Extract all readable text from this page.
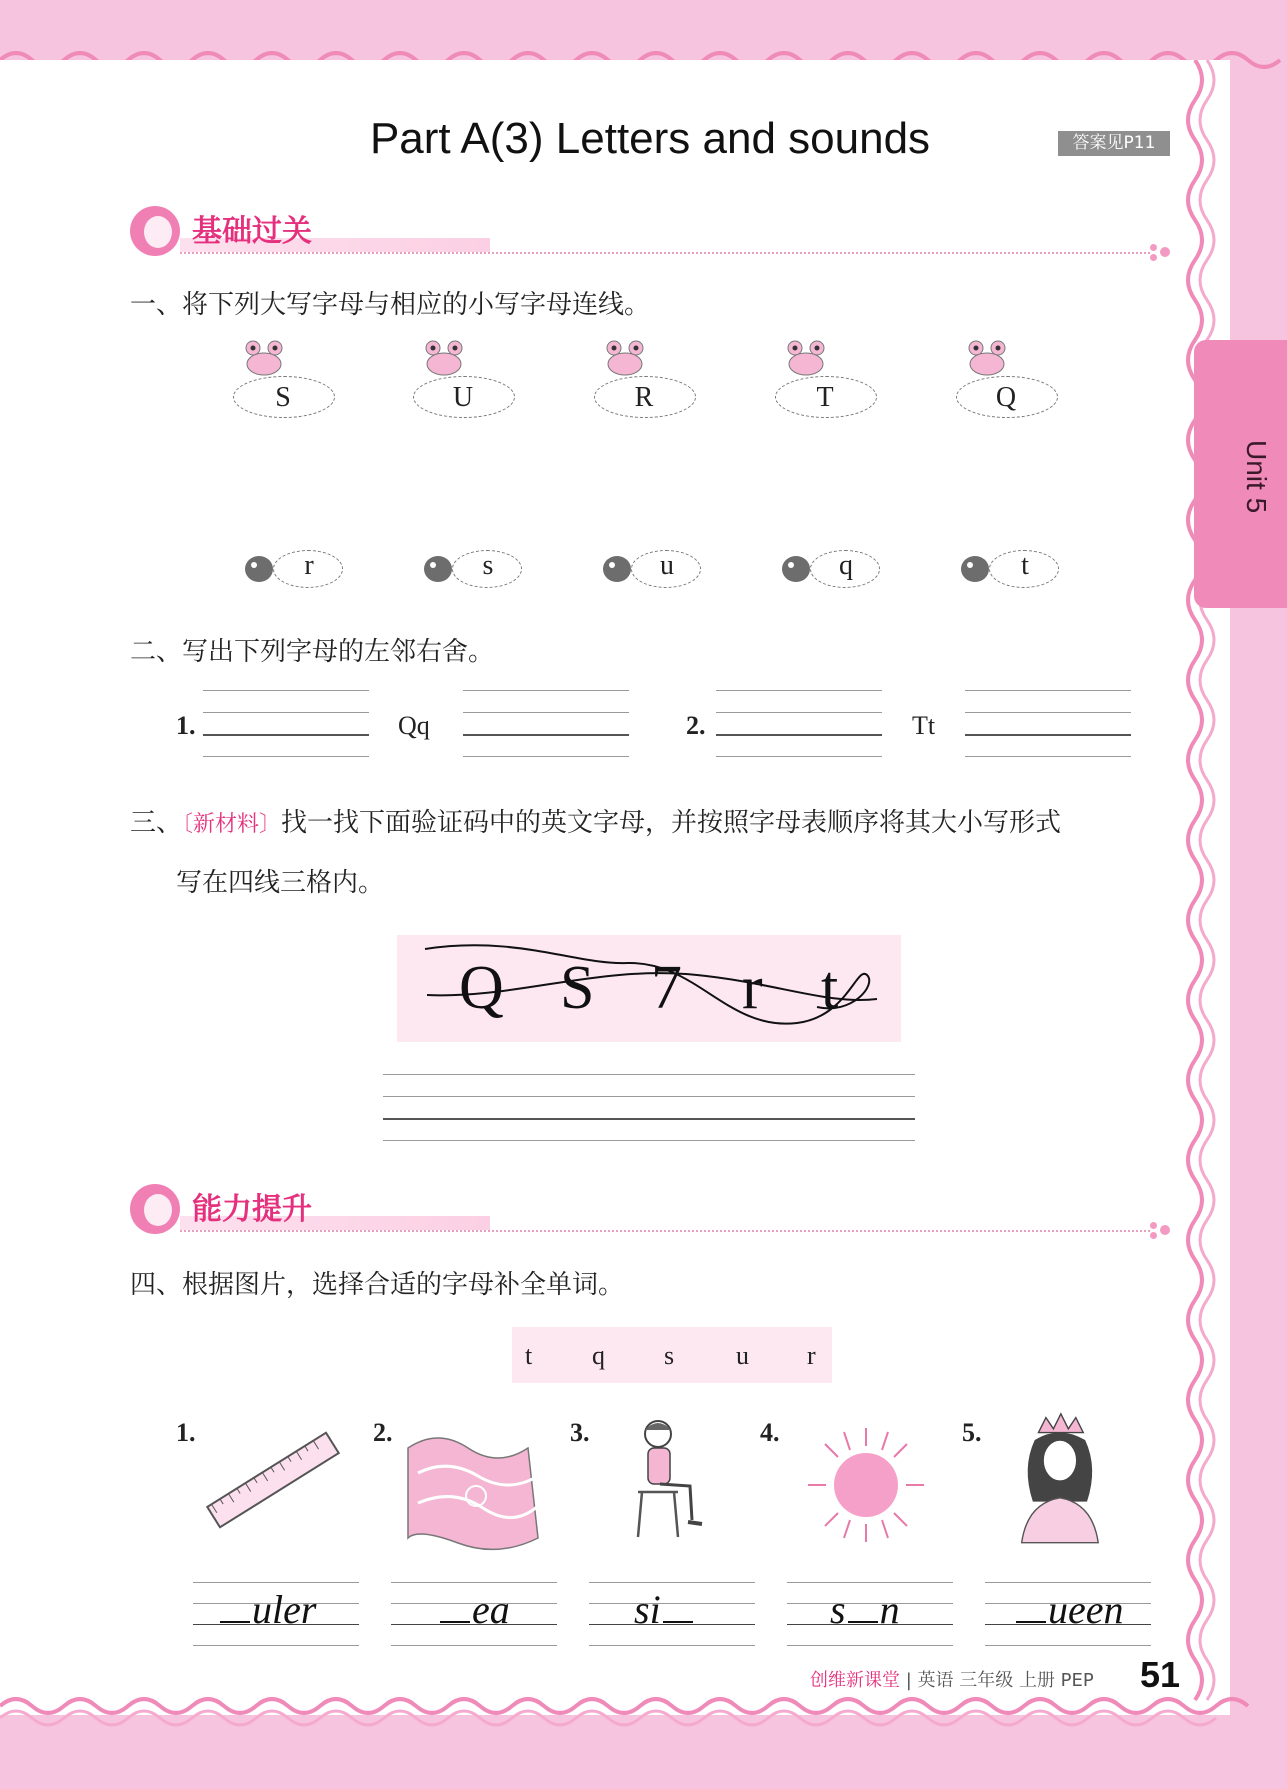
Part A(3) Letters and sounds	答案见P11
Unit 5
基础过关
一、将下列大写字母与相应的小写字母连线。
S	U	R	T	Q
r	s	u	q	t
二、写出下列字母的左邻右舍。
1.	Qq	2.	Tt
三、〔新材料〕找一找下面验证码中的英文字母，并按照字母表顺序将其大小写形式
写在四线三格内。
Q S 7 r t
能力提升
四、根据图片，选择合适的字母补全单词。
t q s u r
1.	2.	3.	4.	5.
uler	ea	si	s n	ueen
创维新课堂 | 英语 三年级 上册 PEP 51
